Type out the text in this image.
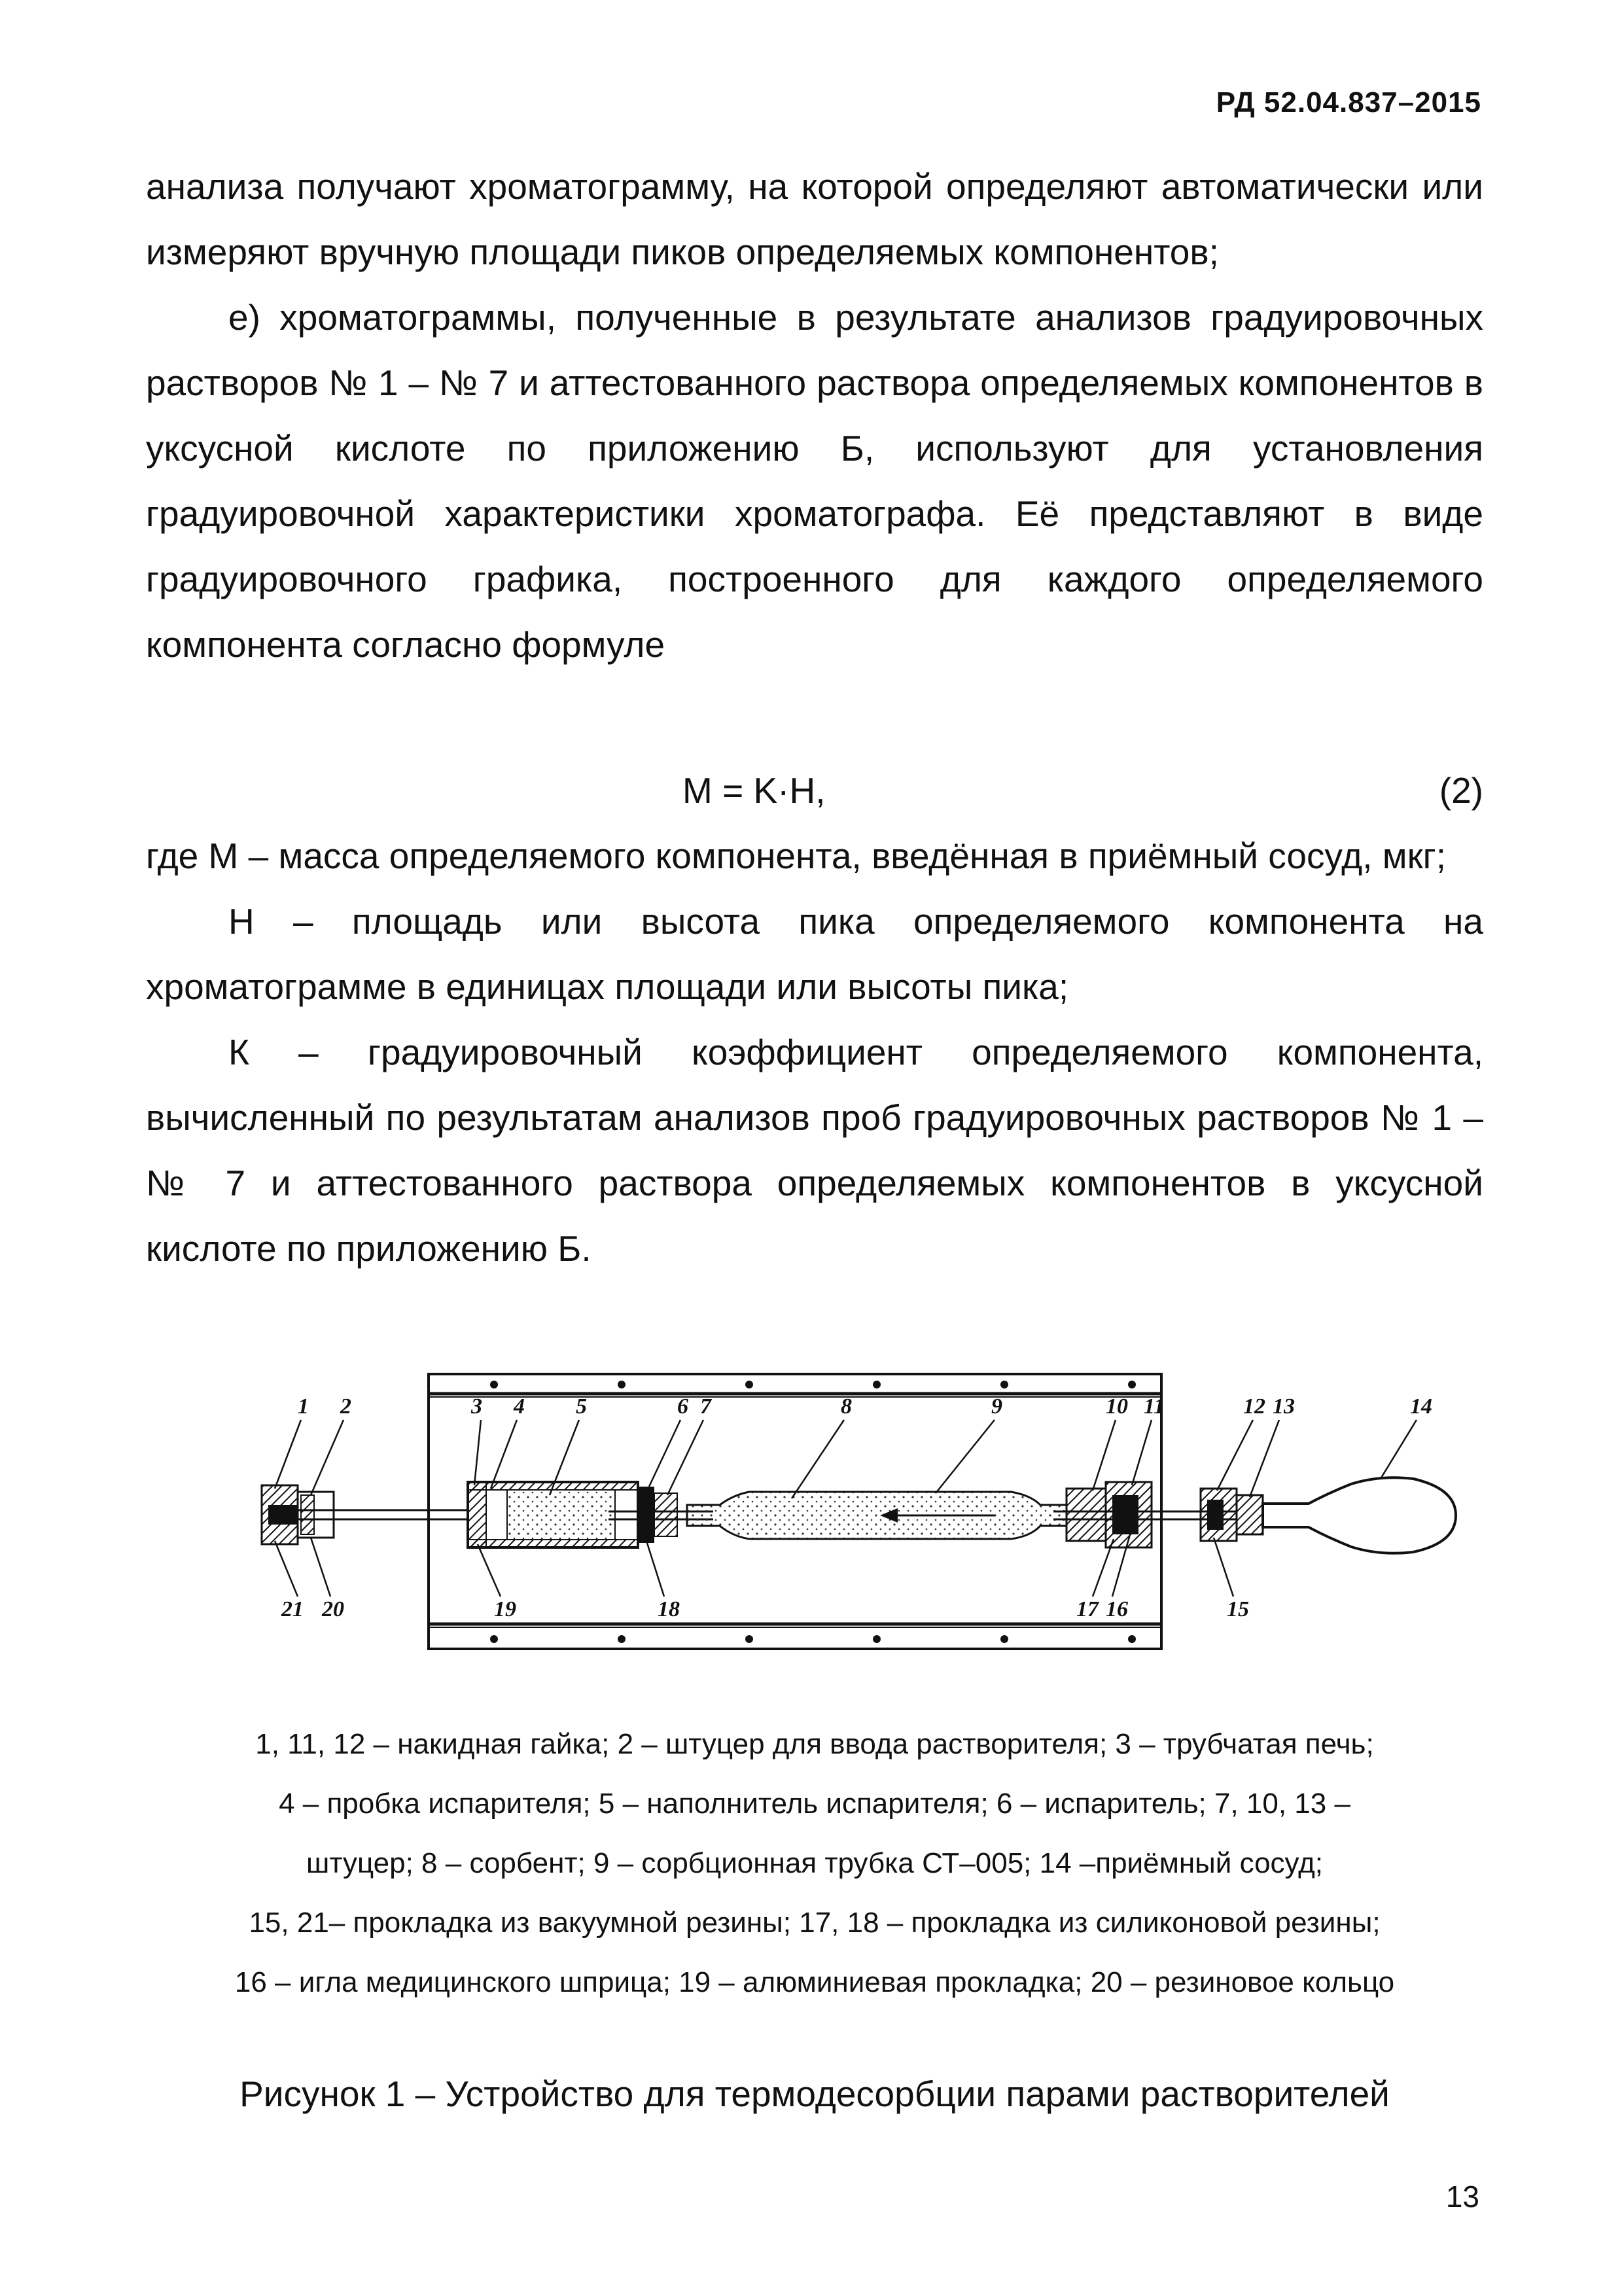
РД 52.04.837–2015

анализа получают хроматограмму, на которой определяют автоматически или измеряют вручную площади пиков определяемых компонентов;

е) хроматограммы, полученные в результате анализов градуировочных растворов № 1 – № 7 и аттестованного раствора определяемых компонентов в уксусной кислоте по приложению Б, используют для установления градуировочной характеристики хроматографа. Её представляют в виде градуировочного графика, построенного для каждого определяемого компонента согласно формуле

M = K·H,	(2)

где М – масса определяемого компонента, введённая в приёмный сосуд, мкг;

Н – площадь или высота пика определяемого компонента на хроматограмме в единицах площади или высоты пика;

К – градуировочный коэффициент определяемого компонента, вычисленный по результатам анализов проб градуировочных растворов № 1 – № 7 и аттестованного раствора определяемых компонентов в уксусной кислоте по приложению Б.

1 2	3 4 5	6 7	8	9	10 11	12 13	14
21 20	19	18	17 16	15
1, 11, 12 – накидная гайка; 2 – штуцер для ввода растворителя; 3 – трубчатая печь;
4 – пробка испарителя; 5 – наполнитель испарителя; 6 – испаритель; 7, 10, 13 –
штуцер; 8 – сорбент; 9 – сорбционная трубка СТ–005; 14 –приёмный сосуд;
15, 21– прокладка из вакуумной резины; 17, 18 – прокладка из силиконовой резины;
16 – игла медицинского шприца; 19 – алюминиевая прокладка; 20 – резиновое кольцо
Рисунок 1 – Устройство для термодесорбции парами растворителей
13
